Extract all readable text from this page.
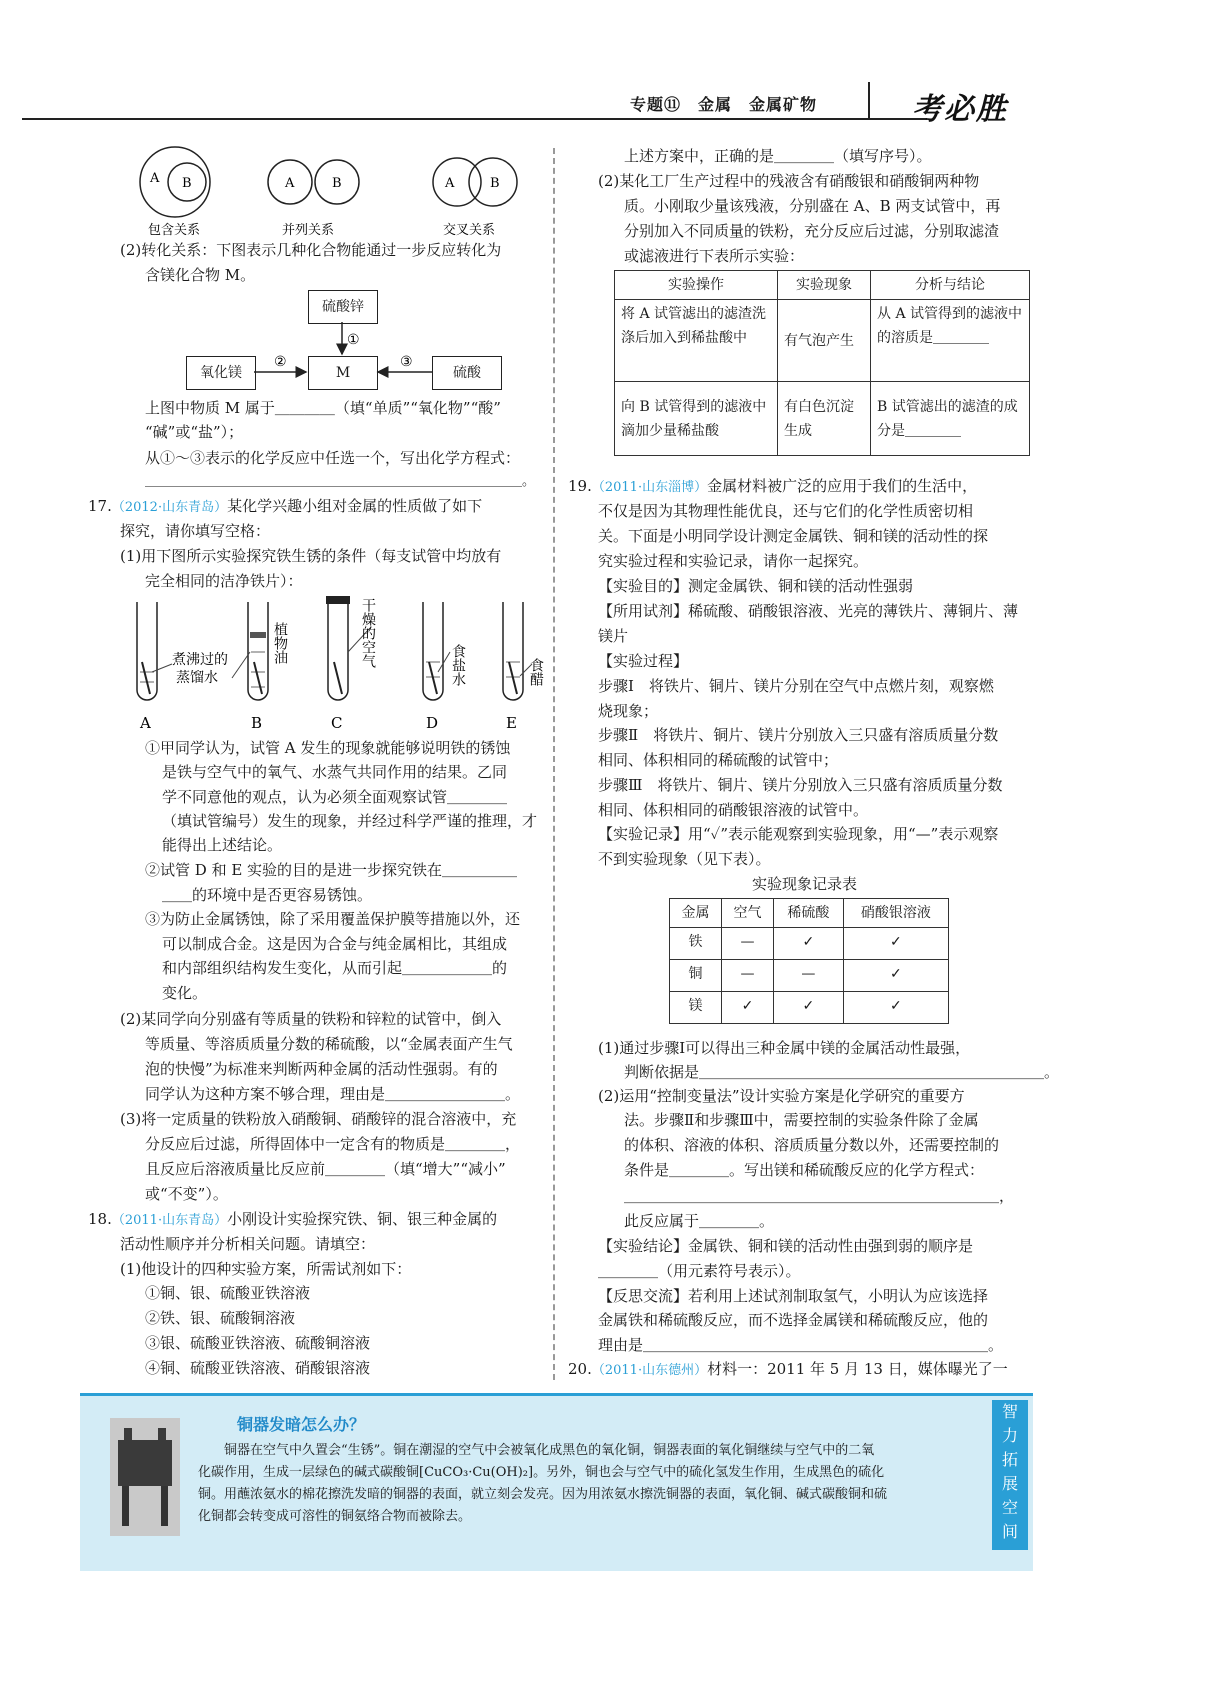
专题⑪　金属　金属矿物	考必胜
A B	A	B	A	B
包含关系	并列关系	交叉关系
(2)转化关系：下图表示几种化合物能通过一步反应转化为
含镁化合物 M。
硫酸锌
氧化镁	M	硫酸
①
②	③
上图中物质 M 属于＿＿＿＿（填“单质”“氧化物”“酸”
“碱”或“盐”）；
从①～③表示的化学反应中任选一个，写出化学方程式：
＿＿＿＿＿＿＿＿＿＿＿＿＿＿＿＿＿＿＿＿＿＿＿＿＿＿＿＿＿。
17.（2012·山东青岛）某化学兴趣小组对金属的性质做了如下
探究，请你填写空格：
(1)用下图所示实验探究铁生锈的条件（每支试管中均放有
完全相同的洁净铁片）：
煮沸过的
蒸馏水
植物油	干燥的空气	食盐水	食醋
A	B	C	D	E
①甲同学认为，试管 A 发生的现象就能够说明铁的锈蚀
是铁与空气中的氧气、水蒸气共同作用的结果。乙同
学不同意他的观点，认为必须全面观察试管＿＿＿＿
（填试管编号）发生的现象，并经过科学严谨的推理，才
能得出上述结论。
②试管 D 和 E 实验的目的是进一步探究铁在＿＿＿＿＿
＿＿的环境中是否更容易锈蚀。
③为防止金属锈蚀，除了采用覆盖保护膜等措施以外，还
可以制成合金。这是因为合金与纯金属相比，其组成
和内部组织结构发生变化，从而引起＿＿＿＿＿＿的
变化。
(2)某同学向分别盛有等质量的铁粉和锌粒的试管中，倒入
等质量、等溶质质量分数的稀硫酸，以“金属表面产生气
泡的快慢”为标准来判断两种金属的活动性强弱。有的
同学认为这种方案不够合理，理由是＿＿＿＿＿＿＿＿。
(3)将一定质量的铁粉放入硝酸铜、硝酸锌的混合溶液中，充
分反应后过滤，所得固体中一定含有的物质是＿＿＿＿，
且反应后溶液质量比反应前＿＿＿＿（填“增大”“减小”
或“不变”）。
18.（2011·山东青岛）小刚设计实验探究铁、铜、银三种金属的
活动性顺序并分析相关问题。请填空：
(1)他设计的四种实验方案，所需试剂如下：
①铜、银、硫酸亚铁溶液
②铁、银、硫酸铜溶液
③银、硫酸亚铁溶液、硫酸铜溶液
④铜、硫酸亚铁溶液、硝酸银溶液
上述方案中，正确的是＿＿＿＿（填写序号）。
(2)某化工厂生产过程中的残液含有硝酸银和硝酸铜两种物
质。小刚取少量该残液，分别盛在 A、B 两支试管中，再
分别加入不同质量的铁粉，充分反应后过滤，分别取滤渣
或滤液进行下表所示实验：
实验操作	实验现象	分析与结论
将 A 试管滤出的滤渣洗涤后加入到稀盐酸中	有气泡产生	从 A 试管得到的滤液中的溶质是＿＿＿＿
向 B 试管得到的滤液中滴加少量稀盐酸	有白色沉淀生成	B 试管滤出的滤渣的成分是＿＿＿＿
19.（2011·山东淄博）金属材料被广泛的应用于我们的生活中，
不仅是因为其物理性能优良，还与它们的化学性质密切相
关。下面是小明同学设计测定金属铁、铜和镁的活动性的探
究实验过程和实验记录，请你一起探究。
【实验目的】测定金属铁、铜和镁的活动性强弱
【所用试剂】稀硫酸、硝酸银溶液、光亮的薄铁片、薄铜片、薄
镁片
【实验过程】
步骤Ⅰ　将铁片、铜片、镁片分别在空气中点燃片刻，观察燃
烧现象；
步骤Ⅱ　将铁片、铜片、镁片分别放入三只盛有溶质质量分数
相同、体积相同的稀硫酸的试管中；
步骤Ⅲ　将铁片、铜片、镁片分别放入三只盛有溶质质量分数
相同、体积相同的硝酸银溶液的试管中。
【实验记录】用“✓”表示能观察到实验现象，用“—”表示观察
不到实验现象（见下表）。
实验现象记录表
金属	空气	稀硫酸	硝酸银溶液
铁	—	✓	✓
铜	—	—	✓
镁	✓	✓	✓
(1)通过步骤Ⅰ可以得出三种金属中镁的金属活动性最强，
判断依据是＿＿＿＿＿＿＿＿＿＿＿＿＿＿＿＿＿＿＿＿＿＿＿。
(2)运用“控制变量法”设计实验方案是化学研究的重要方
法。步骤Ⅱ和步骤Ⅲ中，需要控制的实验条件除了金属
的体积、溶液的体积、溶质质量分数以外，还需要控制的
条件是＿＿＿＿。写出镁和稀硫酸反应的化学方程式：
＿＿＿＿＿＿＿＿＿＿＿＿＿＿＿＿＿＿＿＿＿＿＿＿＿，
此反应属于＿＿＿＿。
【实验结论】金属铁、铜和镁的活动性由强到弱的顺序是
＿＿＿＿（用元素符号表示）。
【反思交流】若利用上述试剂制取氢气，小明认为应该选择
金属铁和稀硫酸反应，而不选择金属镁和稀硫酸反应，他的
理由是＿＿＿＿＿＿＿＿＿＿＿＿＿＿＿＿＿＿＿＿＿＿＿。
20.（2011·山东德州）材料一：2011 年 5 月 13 日，媒体曝光了一
铜器发暗怎么办？
铜器在空气中久置会“生锈”。铜在潮湿的空气中会被氧化成黑色的氧化铜，铜器表面的氧化铜继续与空气中的二氧
化碳作用，生成一层绿色的碱式碳酸铜[CuCO₃·Cu(OH)₂]。另外，铜也会与空气中的硫化氢发生作用，生成黑色的硫化
铜。用蘸浓氨水的棉花擦洗发暗的铜器的表面，就立刻会发亮。因为用浓氨水擦洗铜器的表面，氧化铜、碱式碳酸铜和硫
化铜都会转变成可溶性的铜氨络合物而被除去。
智
力
拓
展
空
间
